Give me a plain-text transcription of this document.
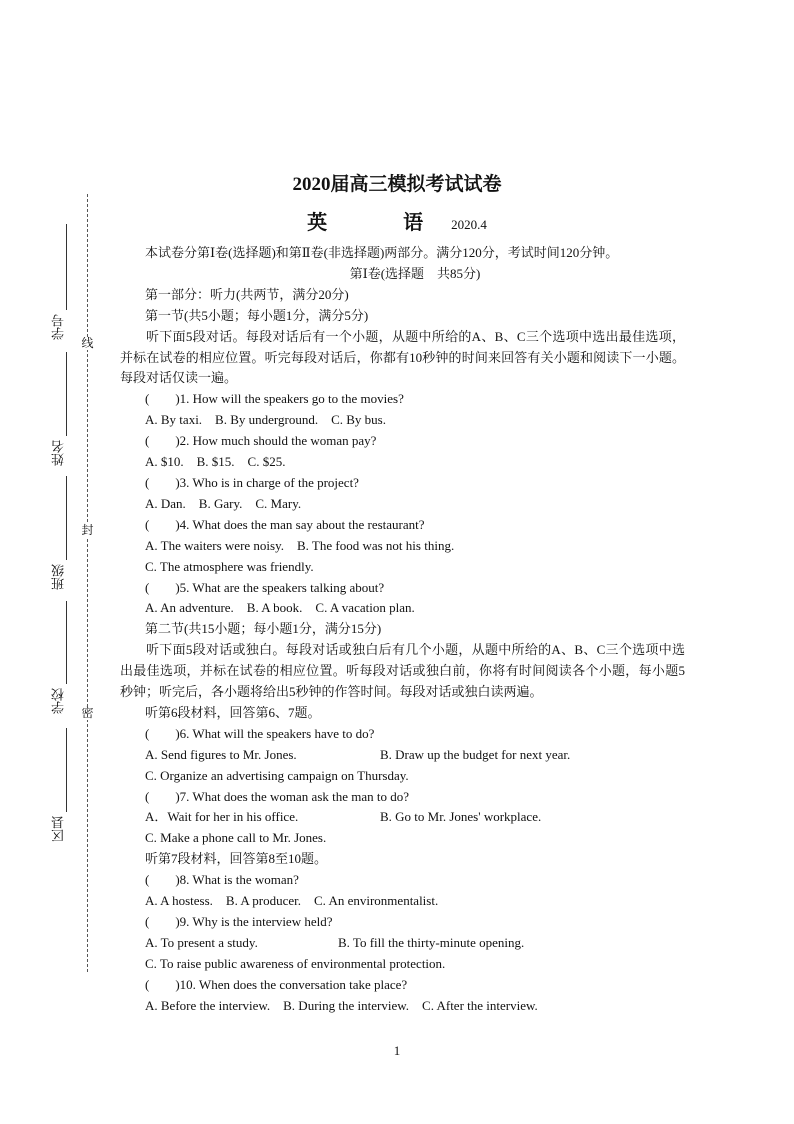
线
封
密
学号
姓名
班级
学校
区县
2020届高三模拟考试试卷
英　语2020.4
本试卷分第Ⅰ卷(选择题)和第Ⅱ卷(非选择题)两部分。满分120分，考试时间120分钟。
第Ⅰ卷(选择题　共85分)
第一部分：听力(共两节，满分20分)
第一节(共5小题；每小题1分，满分5分)
听下面5段对话。每段对话后有一个小题，从题中所给的A、B、C三个选项中选出最佳选项，并标在试卷的相应位置。听完每段对话后，你都有10秒钟的时间来回答有关小题和阅读下一小题。每段对话仅读一遍。
(　　)1. How will the speakers go to the movies?
A. By taxi.　B. By underground.　C. By bus.
(　　)2. How much should the woman pay?
A. $10.　B. $15.　C. $25.
(　　)3. Who is in charge of the project?
A. Dan.　B. Gary.　C. Mary.
(　　)4. What does the man say about the restaurant?
A. The waiters were noisy.　B. The food was not his thing.
C. The atmosphere was friendly.
(　　)5. What are the speakers talking about?
A. An adventure.　B. A book.　C. A vacation plan.
第二节(共15小题；每小题1分，满分15分)
听下面5段对话或独白。每段对话或独白后有几个小题，从题中所给的A、B、C三个选项中选出最佳选项，并标在试卷的相应位置。听每段对话或独白前，你将有时间阅读各个小题，每小题5秒钟；听完后，各小题将给出5秒钟的作答时间。每段对话或独白读两遍。
听第6段材料，回答第6、7题。
(　　)6. What will the speakers have to do?
A. Send figures to Mr. Jones.	B. Draw up the budget for next year.
C. Organize an advertising campaign on Thursday.
(　　)7. What does the woman ask the man to do?
A．Wait for her in his office.	B. Go to Mr. Jones' workplace.
C. Make a phone call to Mr. Jones.
听第7段材料，回答第8至10题。
(　　)8. What is the woman?
A. A hostess.　B. A producer.　C. An environmentalist.
(　　)9. Why is the interview held?
A. To present a study.	B. To fill the thirty-minute opening.
C. To raise public awareness of environmental protection.
(　　)10. When does the conversation take place?
A. Before the interview.　B. During the interview.　C. After the interview.
1
